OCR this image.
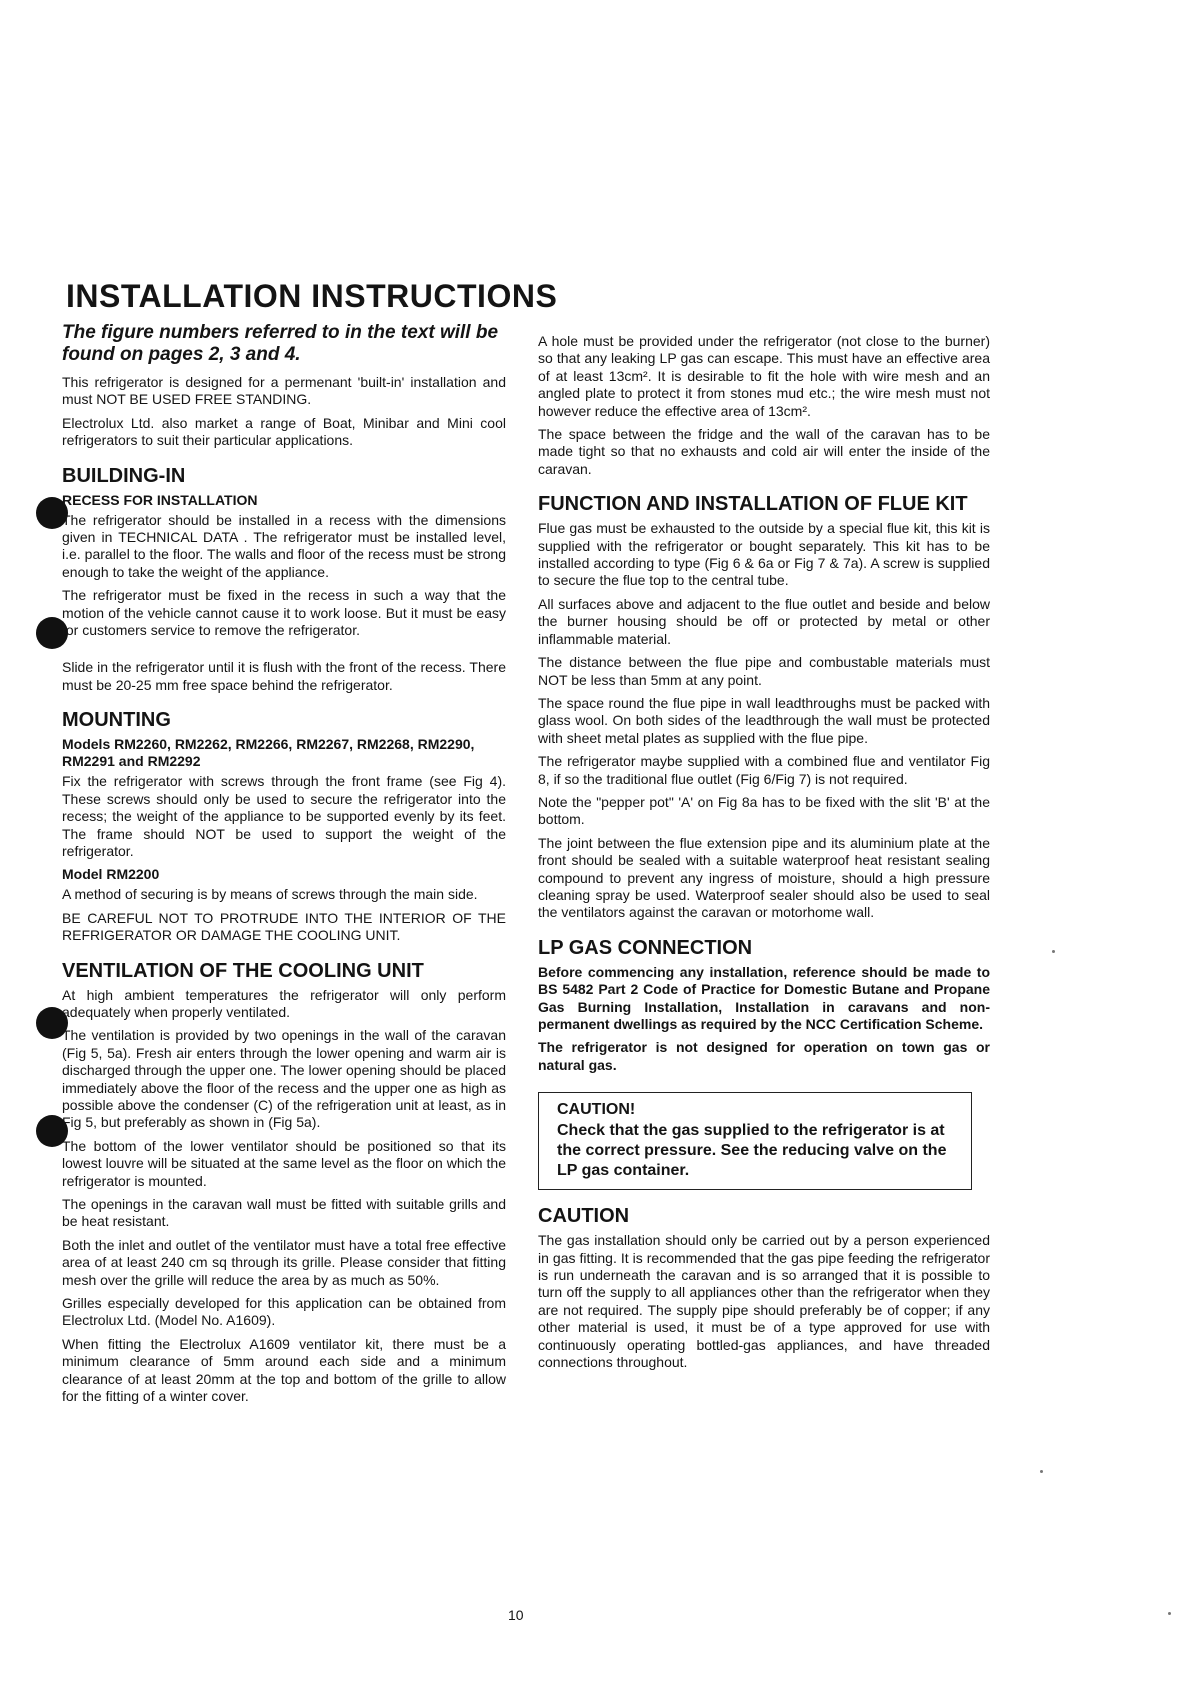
INSTALLATION INSTRUCTIONS
The figure numbers referred to in the text will be found on pages 2, 3 and 4.

This refrigerator is designed for a permenant 'built-in' installation and must NOT BE USED FREE STANDING.

Electrolux Ltd. also market a range of Boat, Minibar and Mini cool refrigerators to suit their particular applications.

BUILDING-IN
RECESS FOR INSTALLATION

The refrigerator should be installed in a recess with the dimensions given in TECHNICAL DATA . The refrigerator must be installed level, i.e. parallel to the floor. The walls and floor of the recess must be strong enough to take the weight of the appliance.

The refrigerator must be fixed in the recess in such a way that the motion of the vehicle cannot cause it to work loose. But it must be easy for customers service to remove the refrigerator.

Slide in the refrigerator until it is flush with the front of the recess. There must be 20-25 mm free space behind the refrigerator.

MOUNTING
Models RM2260, RM2262, RM2266, RM2267, RM2268, RM2290, RM2291 and RM2292

Fix the refrigerator with screws through the front frame (see Fig 4). These screws should only be used to secure the refrigerator into the recess; the weight of the appliance to be supported evenly by its feet. The frame should NOT be used to support the weight of the refrigerator.

Model RM2200

A method of securing is by means of screws through the main side.

BE CAREFUL NOT TO PROTRUDE INTO THE INTERIOR OF THE REFRIGERATOR OR DAMAGE THE COOLING UNIT.

VENTILATION OF THE COOLING UNIT

At high ambient temperatures the refrigerator will only perform adequately when properly ventilated.

The ventilation is provided by two openings in the wall of the caravan (Fig 5, 5a). Fresh air enters through the lower opening and warm air is discharged through the upper one. The lower opening should be placed immediately above the floor of the recess and the upper one as high as possible above the condenser (C) of the refrigeration unit at least, as in Fig 5, but preferably as shown in (Fig 5a).

The bottom of the lower ventilator should be positioned so that its lowest louvre will be situated at the same level as the floor on which the refrigerator is mounted.

The openings in the caravan wall must be fitted with suitable grills and be heat resistant.

Both the inlet and outlet of the ventilator must have a total free effective area of at least 240 cm sq through its grille. Please consider that fitting mesh over the grille will reduce the area by as much as 50%.

Grilles especially developed for this application can be obtained from Electrolux Ltd. (Model No. A1609).

When fitting the Electrolux A1609 ventilator kit, there must be a minimum clearance of 5mm around each side and a minimum clearance of at least 20mm at the top and bottom of the grille to allow for the fitting of a winter cover.

A hole must be provided under the refrigerator (not close to the burner) so that any leaking LP gas can escape. This must have an effective area of at least 13cm². It is desirable to fit the hole with wire mesh and an angled plate to protect it from stones mud etc.; the wire mesh must not however reduce the effective area of 13cm².

The space between the fridge and the wall of the caravan has to be made tight so that no exhausts and cold air will enter the inside of the caravan.

FUNCTION AND INSTALLATION OF FLUE KIT

Flue gas must be exhausted to the outside by a special flue kit, this kit is supplied with the refrigerator or bought separately. This kit has to be installed according to type (Fig 6 & 6a or Fig 7 & 7a). A screw is supplied to secure the flue top to the central tube.

All surfaces above and adjacent to the flue outlet and beside and below the burner housing should be off or protected by metal or other inflammable material.

The distance between the flue pipe and combustable materials must NOT be less than 5mm at any point.

The space round the flue pipe in wall leadthroughs must be packed with glass wool. On both sides of the leadthrough the wall must be protected with sheet metal plates as supplied with the flue pipe.

The refrigerator maybe supplied with a combined flue and ventilator Fig 8, if so the traditional flue outlet (Fig 6/Fig 7) is not required.

Note the "pepper pot" 'A' on Fig 8a has to be fixed with the slit 'B' at the bottom.

The joint between the flue extension pipe and its aluminium plate at the front should be sealed with a suitable waterproof heat resistant sealing compound to prevent any ingress of moisture, should a high pressure cleaning spray be used. Waterproof sealer should also be used to seal the ventilators against the caravan or motorhome wall.

LP GAS CONNECTION

Before commencing any installation, reference should be made to BS 5482 Part 2 Code of Practice for Domestic Butane and Propane Gas Burning Installation, Installation in caravans and non-permanent dwellings as required by the NCC Certification Scheme.

The refrigerator is not designed for operation on town gas or natural gas.

CAUTION!
Check that the gas supplied to the refrigerator is at the correct pressure. See the reducing valve on the LP gas container.
CAUTION

The gas installation should only be carried out by a person experienced in gas fitting. It is recommended that the gas pipe feeding the refrigerator is run underneath the caravan and is so arranged that it is possible to turn off the supply to all appliances other than the refrigerator when they are not required. The supply pipe should preferably be of copper; if any other material is used, it must be of a type approved for use with continuously operating bottled-gas appliances, and have threaded connections throughout.

10
